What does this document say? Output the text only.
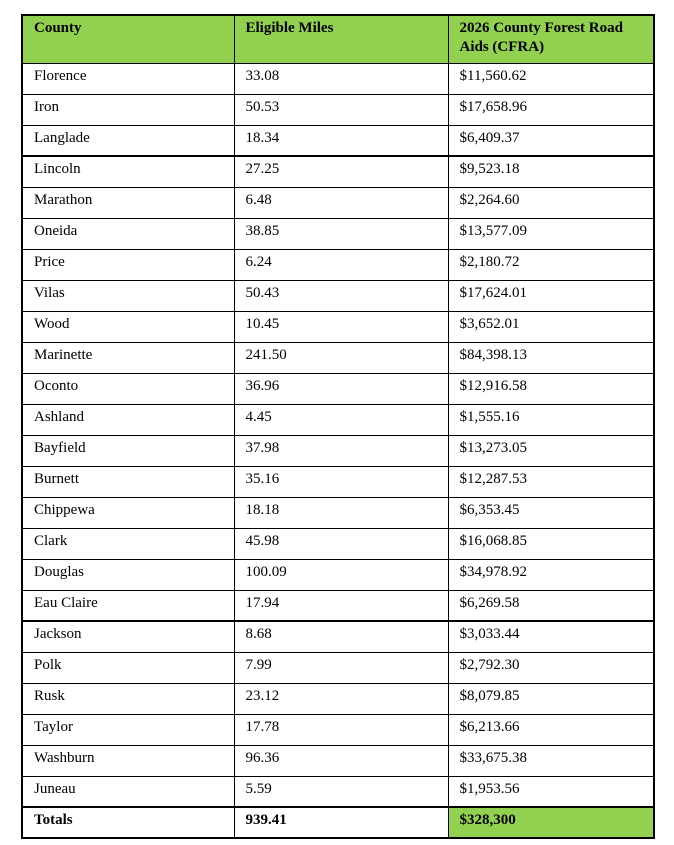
County	Eligible Miles	2026 County Forest Road Aids (CFRA)
Florence	33.08	$11,560.62
Iron	50.53	$17,658.96
Langlade	18.34	$6,409.37
Lincoln	27.25	$9,523.18
Marathon	6.48	$2,264.60
Oneida	38.85	$13,577.09
Price	6.24	$2,180.72
Vilas	50.43	$17,624.01
Wood	10.45	$3,652.01
Marinette	241.50	$84,398.13
Oconto	36.96	$12,916.58
Ashland	4.45	$1,555.16
Bayfield	37.98	$13,273.05
Burnett	35.16	$12,287.53
Chippewa	18.18	$6,353.45
Clark	45.98	$16,068.85
Douglas	100.09	$34,978.92
Eau Claire	17.94	$6,269.58
Jackson	8.68	$3,033.44
Polk	7.99	$2,792.30
Rusk	23.12	$8,079.85
Taylor	17.78	$6,213.66
Washburn	96.36	$33,675.38
Juneau	5.59	$1,953.56
Totals	939.41	$328,300
